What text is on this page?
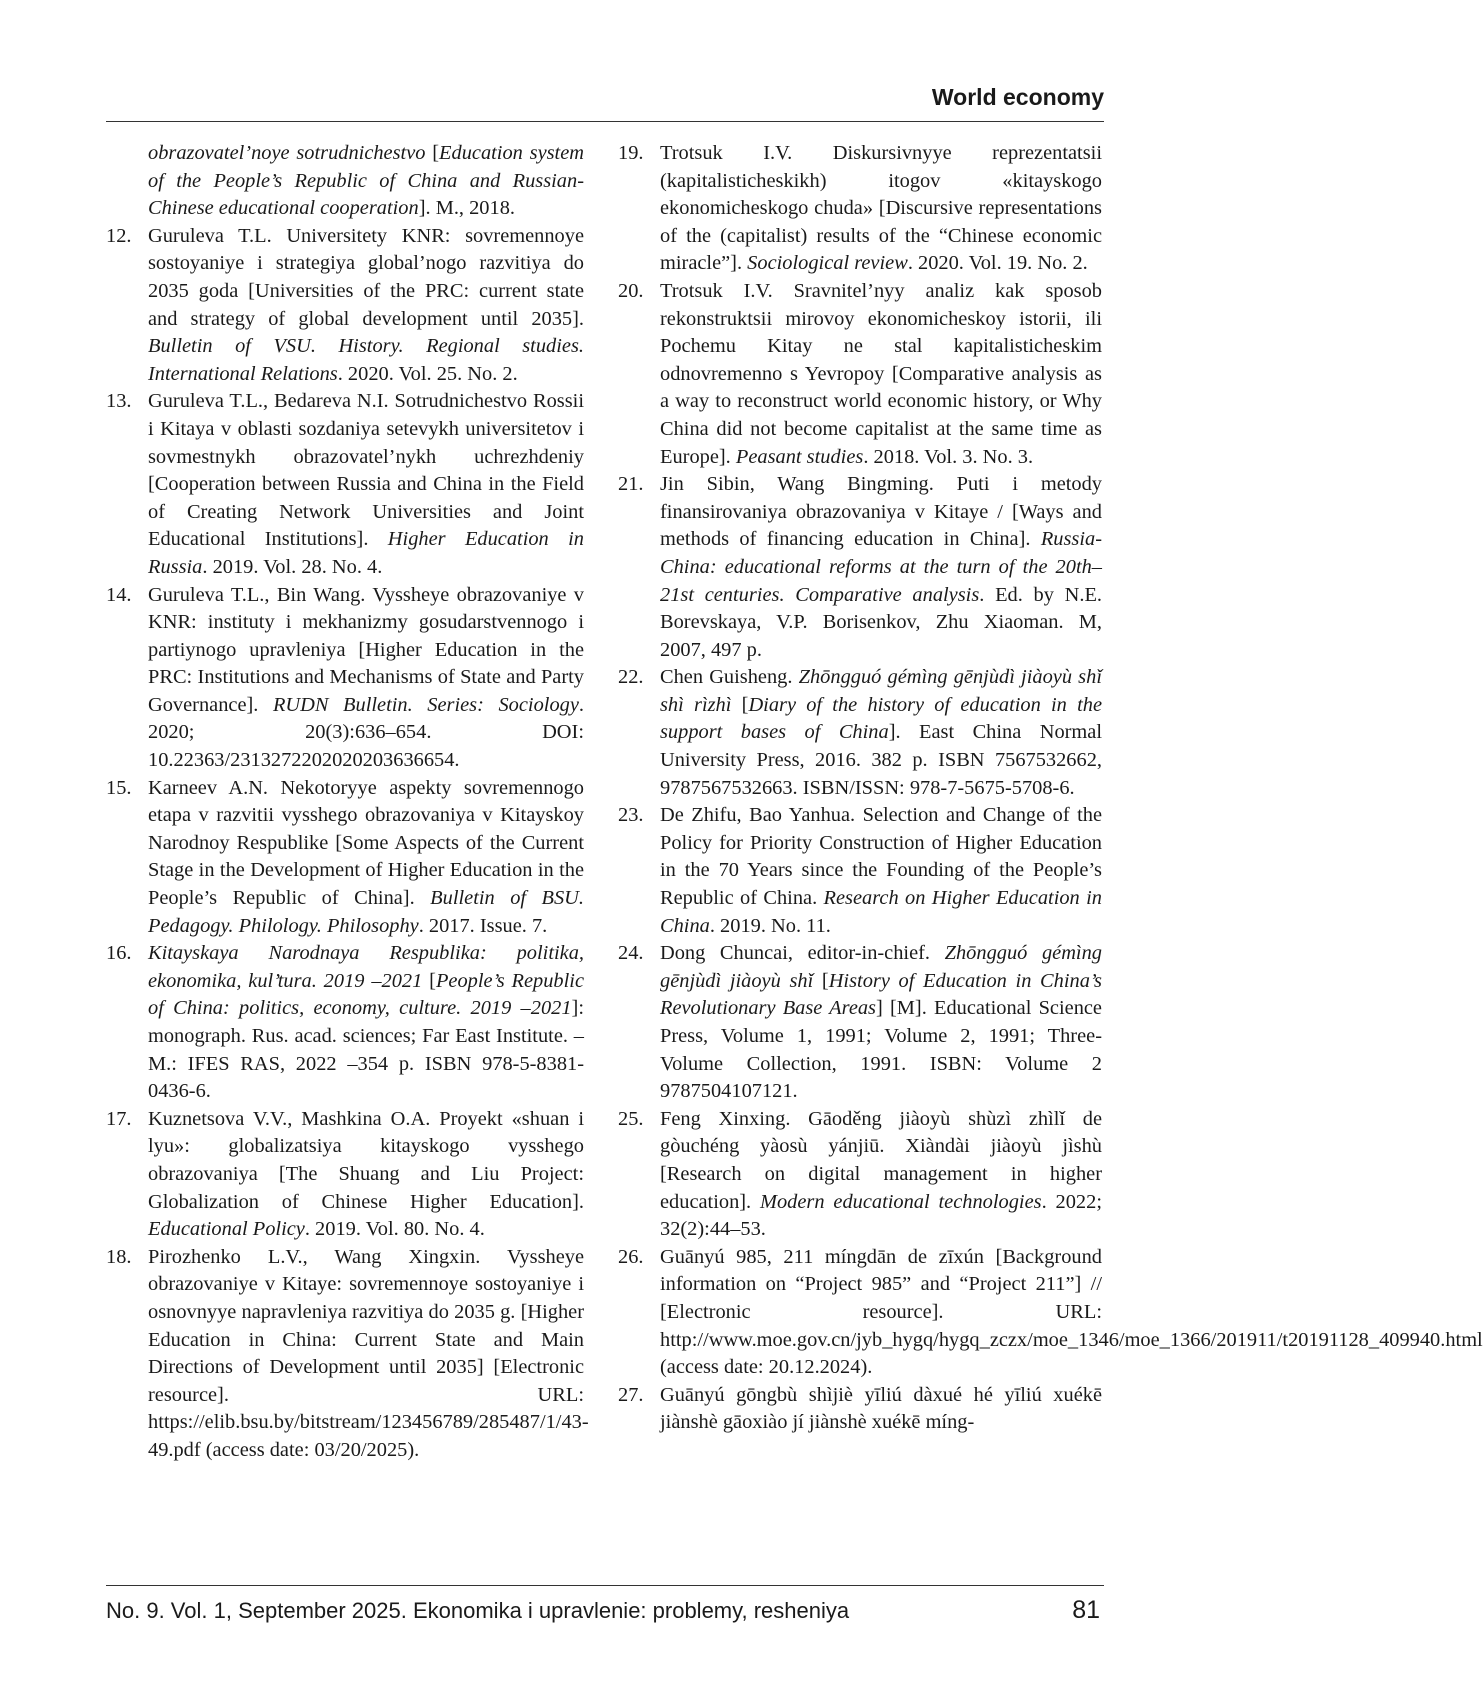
World economy

obrazovatel’noye sotrudnichestvo [Education system of the People’s Republic of China and Russian-Chinese educational cooperation]. M., 2018.

12. Guruleva T.L. Universitety KNR: sovremennoye sostoyaniye i strategiya global’nogo razvitiya do 2035 goda [Universities of the PRC: current state and strategy of global development until 2035]. Bulletin of VSU. History. Regional studies. International Relations. 2020. Vol. 25. No. 2.

13. Guruleva T.L., Bedareva N.I. Sotrudnichestvo Rossii i Kitaya v oblasti sozdaniya setevykh universitetov i sovmestnykh obrazovatel’nykh uchrezhdeniy [Cooperation between Russia and China in the Field of Creating Network Universities and Joint Educational Institutions]. Higher Education in Russia. 2019. Vol. 28. No. 4.

14. Guruleva T.L., Bin Wang. Vyssheye obrazovaniye v KNR: instituty i mekhanizmy gosudarstvennogo i partiynogo upravleniya [Higher Education in the PRC: Institutions and Mechanisms of State and Party Governance]. RUDN Bulletin. Series: Sociology. 2020; 20(3):636–654. DOI: 10.22363/2313272202020203636654.

15. Karneev A.N. Nekotoryye aspekty sovremennogo etapa v razvitii vysshego obrazovaniya v Kitayskoy Narodnoy Respublike [Some Aspects of the Current Stage in the Development of Higher Education in the People’s Republic of China]. Bulletin of BSU. Pedagogy. Philology. Philosophy. 2017. Issue. 7.

16. Kitayskaya Narodnaya Respublika: politika, ekonomika, kul’tura. 2019 –2021 [People’s Republic of China: politics, economy, culture. 2019 –2021]: monograph. Rus. acad. sciences; Far East Institute. –M.: IFES RAS, 2022 –354 p. ISBN 978-5-8381-0436-6.

17. Kuznetsova V.V., Mashkina O.A. Proyekt «shuan i lyu»: globalizatsiya kitayskogo vysshego obrazovaniya [The Shuang and Liu Project: Globalization of Chinese Higher Education]. Educational Policy. 2019. Vol. 80. No. 4.

18. Pirozhenko L.V., Wang Xingxin. Vyssheye obrazovaniye v Kitaye: sovremennoye sostoyaniye i osnovnyye napravleniya razvitiya do 2035 g. [Higher Education in China: Current State and Main Directions of Development until 2035] [Electronic resource]. URL: https://elib.bsu.by/bitstream/123456789/285487/1/43-49.pdf (access date: 03/20/2025).

19. Trotsuk I.V. Diskursivnyye reprezentatsii (kapitalisticheskikh) itogov «kitayskogo ekonomicheskogo chuda» [Discursive representations of the (capitalist) results of the “Chinese economic miracle”]. Sociological review. 2020. Vol. 19. No. 2.

20. Trotsuk I.V. Sravnitel’nyy analiz kak sposob rekonstruktsii mirovoy ekonomicheskoy istorii, ili Pochemu Kitay ne stal kapitalisticheskim odnovremenno s Yevropoy [Comparative analysis as a way to reconstruct world economic history, or Why China did not become capitalist at the same time as Europe]. Peasant studies. 2018. Vol. 3. No. 3.

21. Jin Sibin, Wang Bingming. Puti i metody finansirovaniya obrazovaniya v Kitaye / [Ways and methods of financing education in China]. Russia-China: educational reforms at the turn of the 20th–21st centuries. Comparative analysis. Ed. by N.E. Borevskaya, V.P. Borisenkov, Zhu Xiaoman. M, 2007, 497 p.

22. Chen Guisheng. Zhōngguó gémìng gēnjùdì jiàoyù shǐ shì rìzhì [Diary of the history of education in the support bases of China]. East China Normal University Press, 2016. 382 p. ISBN 7567532662, 9787567532663. ISBN/ISSN: 978-7-5675-5708-6.

23. De Zhifu, Bao Yanhua. Selection and Change of the Policy for Priority Construction of Higher Education in the 70 Years since the Founding of the People’s Republic of China. Research on Higher Education in China. 2019. No. 11.

24. Dong Chuncai, editor-in-chief. Zhōngguó gémìng gēnjùdì jiàoyù shǐ [History of Education in China’s Revolutionary Base Areas] [M]. Educational Science Press, Volume 1, 1991; Volume 2, 1991; Three-Volume Collection, 1991. ISBN: Volume 2 9787504107121.

25. Feng Xinxing. Gāoděng jiàoyù shùzì zhìlǐ de gòuchéng yàosù yánjiū. Xiàndài jiàoyù jìshù [Research on digital management in higher education]. Modern educational technologies. 2022; 32(2):44–53.

26. Guānyú 985, 211 míngdān de zīxún [Background information on “Project 985” and “Project 211”] // [Electronic resource]. URL: http://www.moe.gov.cn/jyb_hygq/hygq_zczx/moe_1346/moe_1366/201911/t20191128_409940.html (access date: 20.12.2024).

27. Guānyú gōngbù shìjiè yīliú dàxué hé yīliú xuékē jiànshè gāoxiào jí jiànshè xuékē míng-

No. 9. Vol. 1, September 2025. Ekonomika i upravlenie: problemy, resheniya	81
